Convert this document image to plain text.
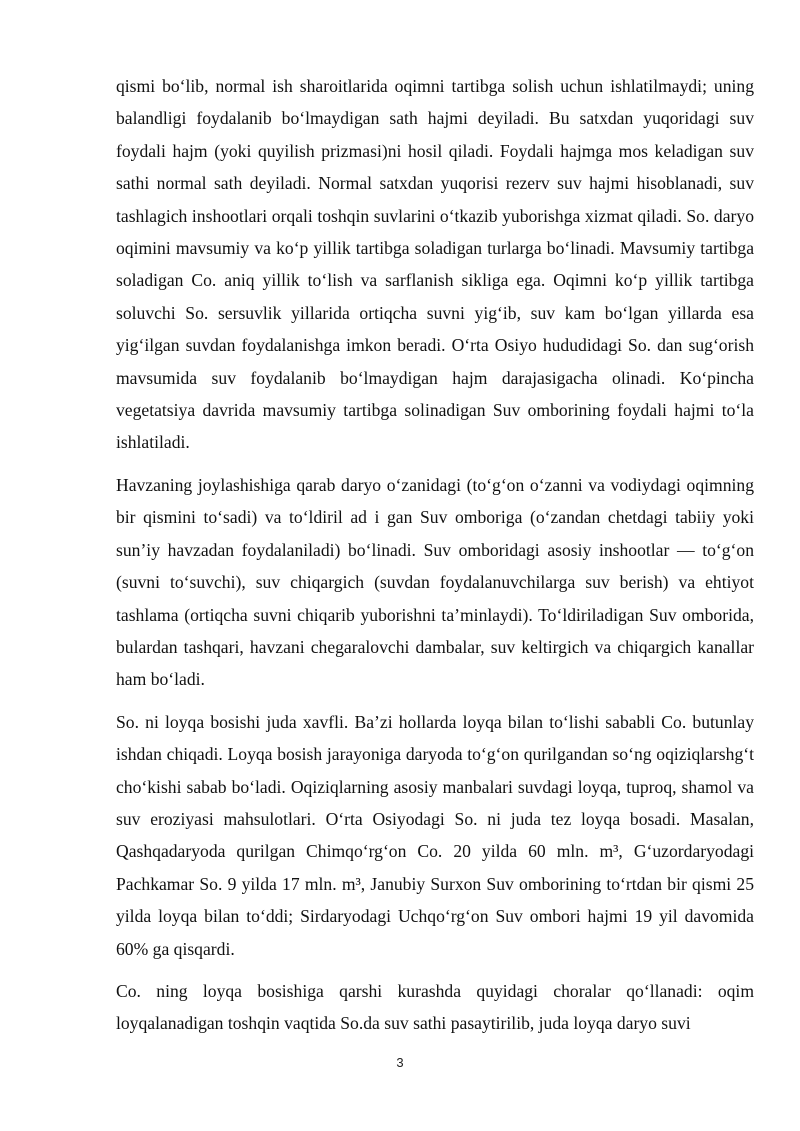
qismi bo‘lib, normal ish sharoitlarida oqimni tartibga solish uchun ishlatilmaydi; uning balandligi foydalanib bo‘lmaydigan sath hajmi deyiladi. Bu satxdan yuqoridagi suv foydali hajm (yoki quyilish prizmasi)ni hosil qiladi. Foydali hajmga mos keladigan suv sathi normal sath deyiladi. Normal satxdan yuqorisi rezerv suv hajmi hisoblanadi, suv tashlagich inshootlari orqali toshqin suvlarini o‘tkazib yuborishga xizmat qiladi. So. daryo oqimini mavsumiy va ko‘p yillik tartibga soladigan turlarga bo‘linadi. Mavsumiy tartibga soladigan Co. aniq yillik to‘lish va sarflanish sikliga ega. Oqimni ko‘p yillik tartibga soluvchi So. sersuvlik yillarida ortiqcha suvni yig‘ib, suv kam bo‘lgan yillarda esa yig‘ilgan suvdan foydalanishga imkon beradi. O‘rta Osiyo hududidagi So. dan sug‘orish mavsumida suv foydalanib bo‘lmaydigan hajm darajasigacha olinadi. Ko‘pincha vegetatsiya davrida mavsumiy tartibga solinadigan Suv omborining foydali hajmi to‘la ishlatiladi.

Havzaning joylashishiga qarab daryo o‘zanidagi (to‘g‘on o‘zanni va vodiydagi oqimning bir qismini to‘sadi) va to‘ldiril ad i gan Suv omboriga (o‘zandan chetdagi tabiiy yoki sun’iy havzadan foydalaniladi) bo‘linadi. Suv omboridagi asosiy inshootlar — to‘g‘on (suvni to‘suvchi), suv chiqargich (suvdan foydalanuvchilarga suv berish) va ehtiyot tashlama (ortiqcha suvni chiqarib yuborishni ta’minlaydi). To‘ldiriladigan Suv omborida, bulardan tashqari, havzani chegaralovchi dambalar, suv keltirgich va chiqargich kanallar ham bo‘ladi.

So. ni loyqa bosishi juda xavfli. Ba’zi hollarda loyqa bilan to‘lishi sababli Co. butunlay ishdan chiqadi. Loyqa bosish jarayoniga daryoda to‘g‘on qurilgandan so‘ng oqiziqlarshg‘t cho‘kishi sabab bo‘ladi. Oqiziqlarning asosiy manbalari suvdagi loyqa, tuproq, shamol va suv eroziyasi mahsulotlari. O‘rta Osiyodagi So. ni juda tez loyqa bosadi. Masalan, Qashqadaryoda qurilgan Chimqo‘rg‘on Co. 20 yilda 60 mln. m³, G‘uzordaryodagi Pachkamar So. 9 yilda 17 mln. m³, Janubiy Surxon Suv omborining to‘rtdan bir qismi 25 yilda loyqa bilan to‘ddi; Sirdaryodagi Uchqo‘rg‘on Suv ombori hajmi 19 yil davomida 60% ga qisqardi.

Co. ning loyqa bosishiga qarshi kurashda quyidagi choralar qo‘llanadi: oqim loyqalanadigan toshqin vaqtida So.da suv sathi pasaytirilib, juda loyqa daryo suvi

3
